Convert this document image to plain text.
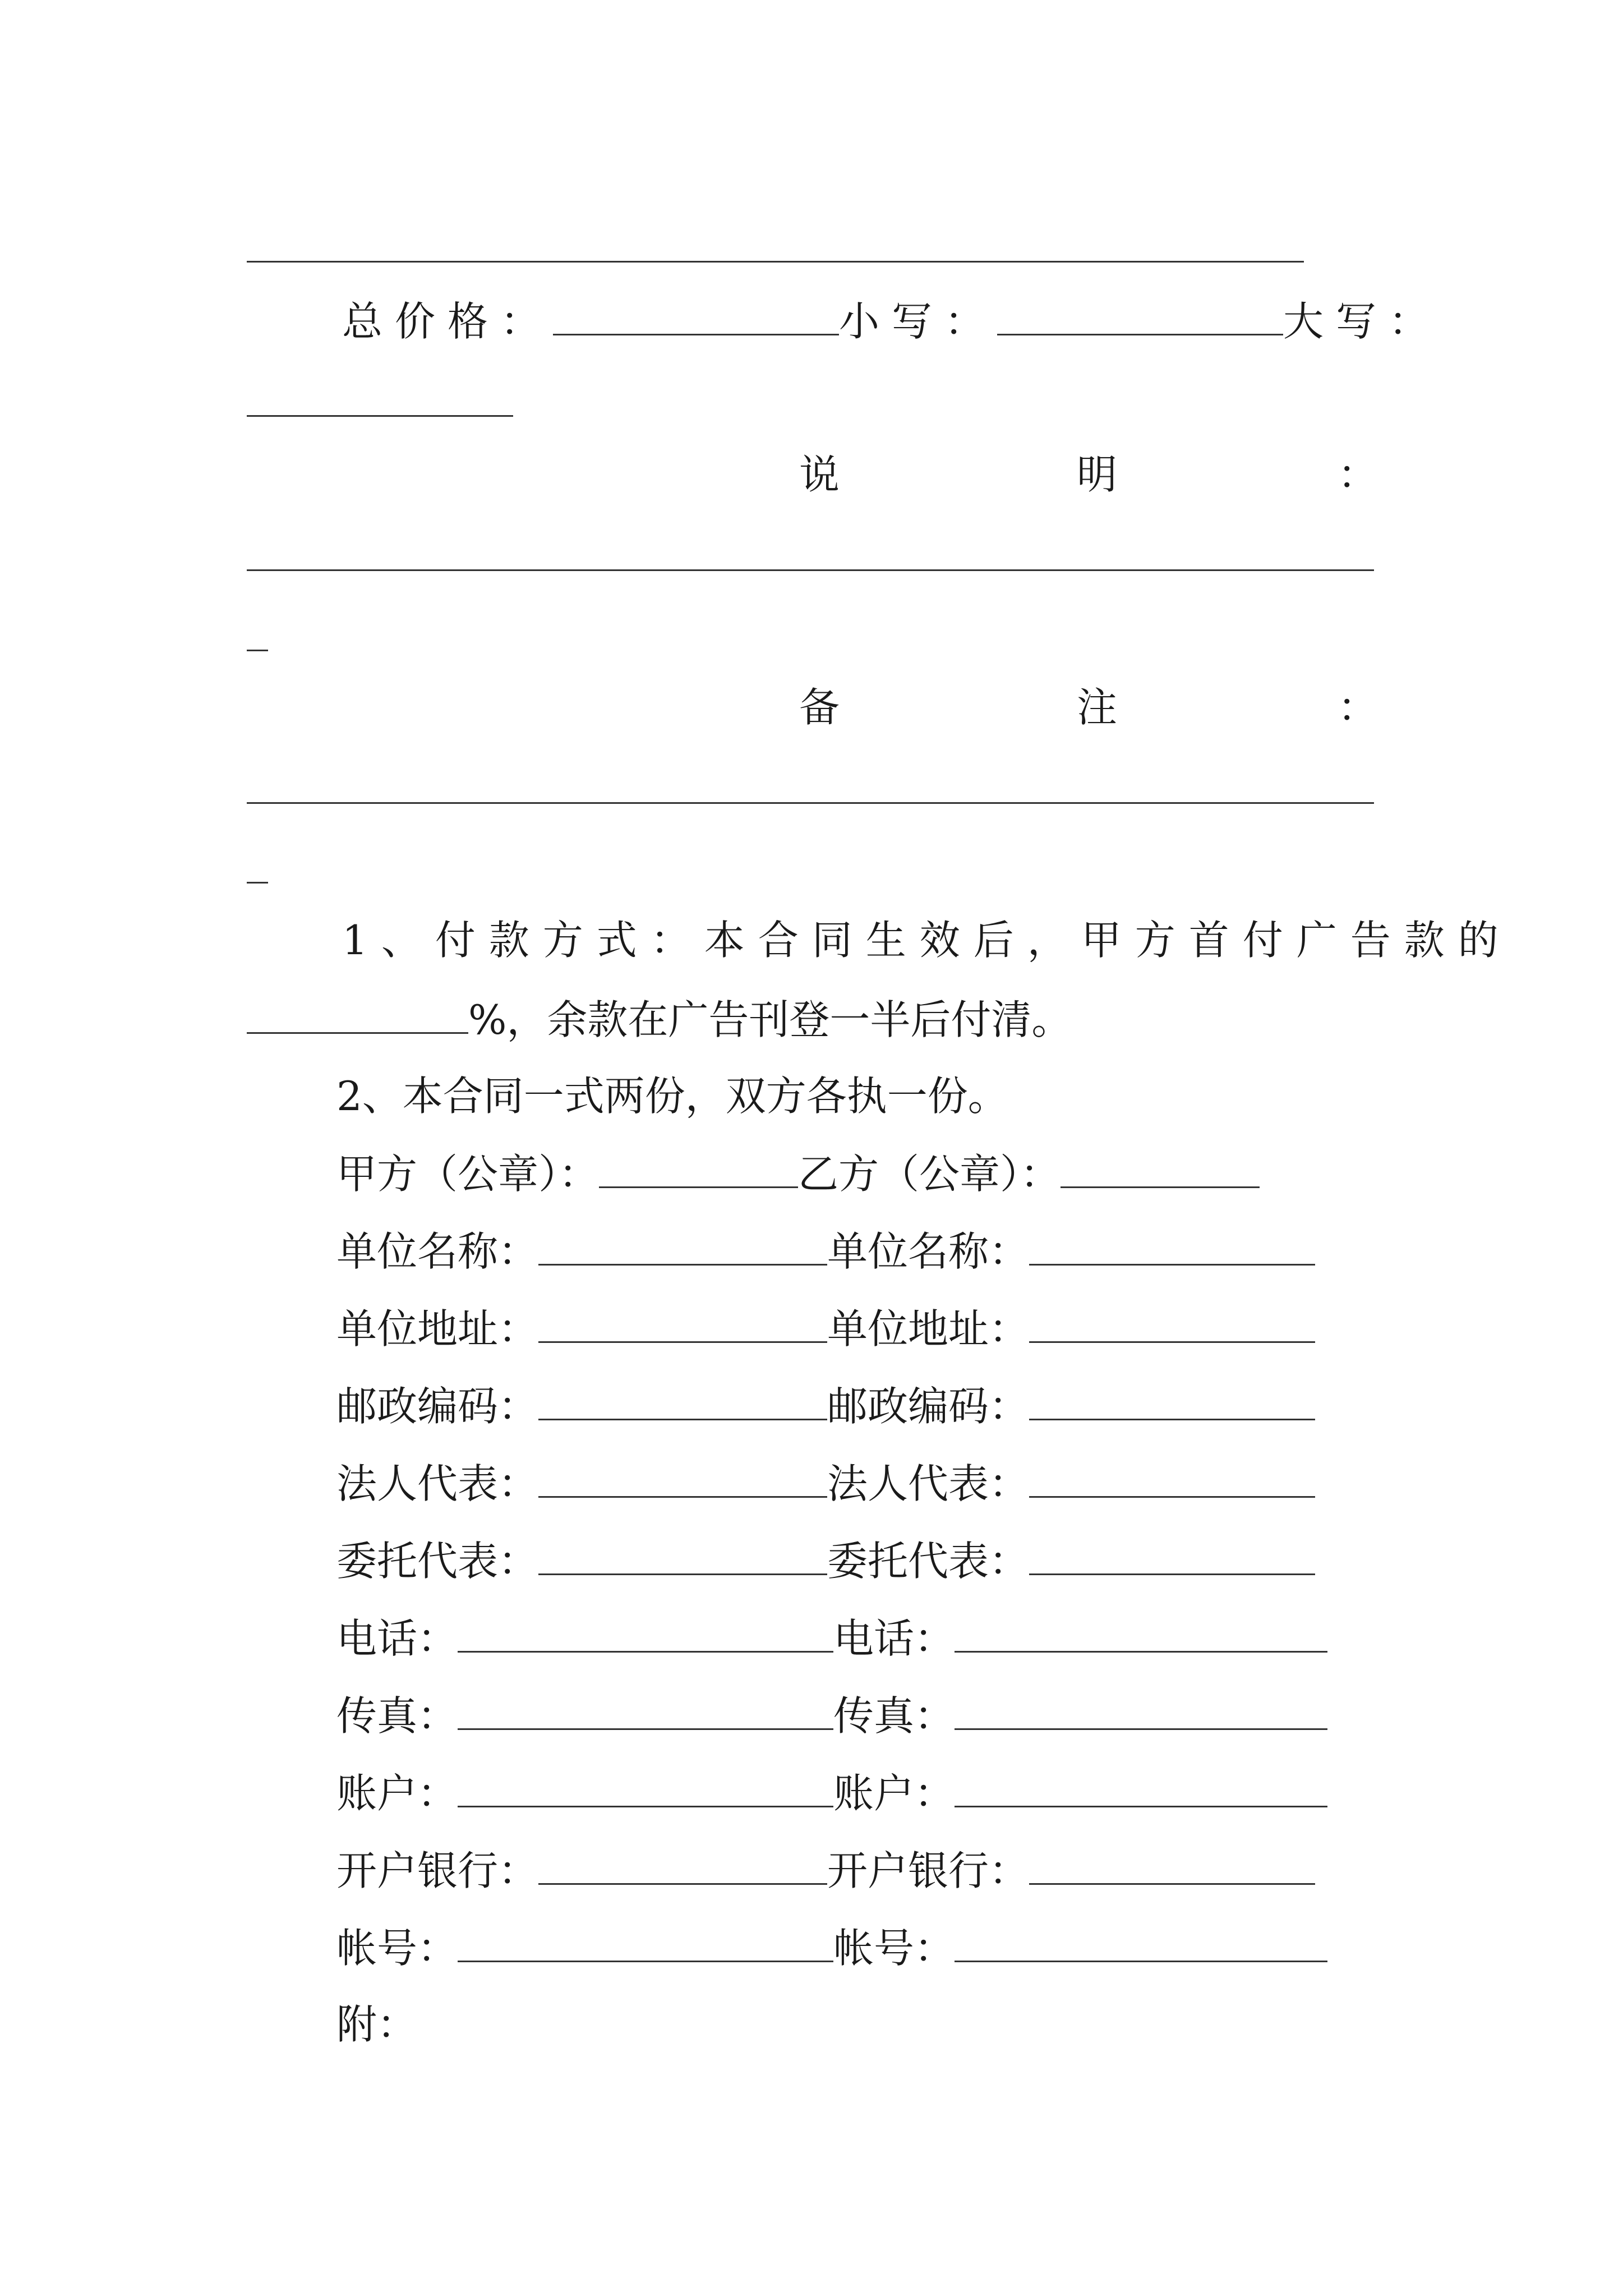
总价格：	小写：	大写：
说	明	：
备	注	：
1、付款方式：本合同生效后，甲方首付广告款的
%，余款在广告刊登一半后付清。
2、本合同一式两份，双方各执一份。
甲方（公章）：	乙方（公章）：
单位名称：	单位名称：
单位地址：	单位地址：
邮政编码：	邮政编码：
法人代表：	法人代表：
委托代表：	委托代表：
电话：	电话：
传真：	传真：
账户：	账户：
开户银行：	开户银行：
帐号：	帐号：
附：
